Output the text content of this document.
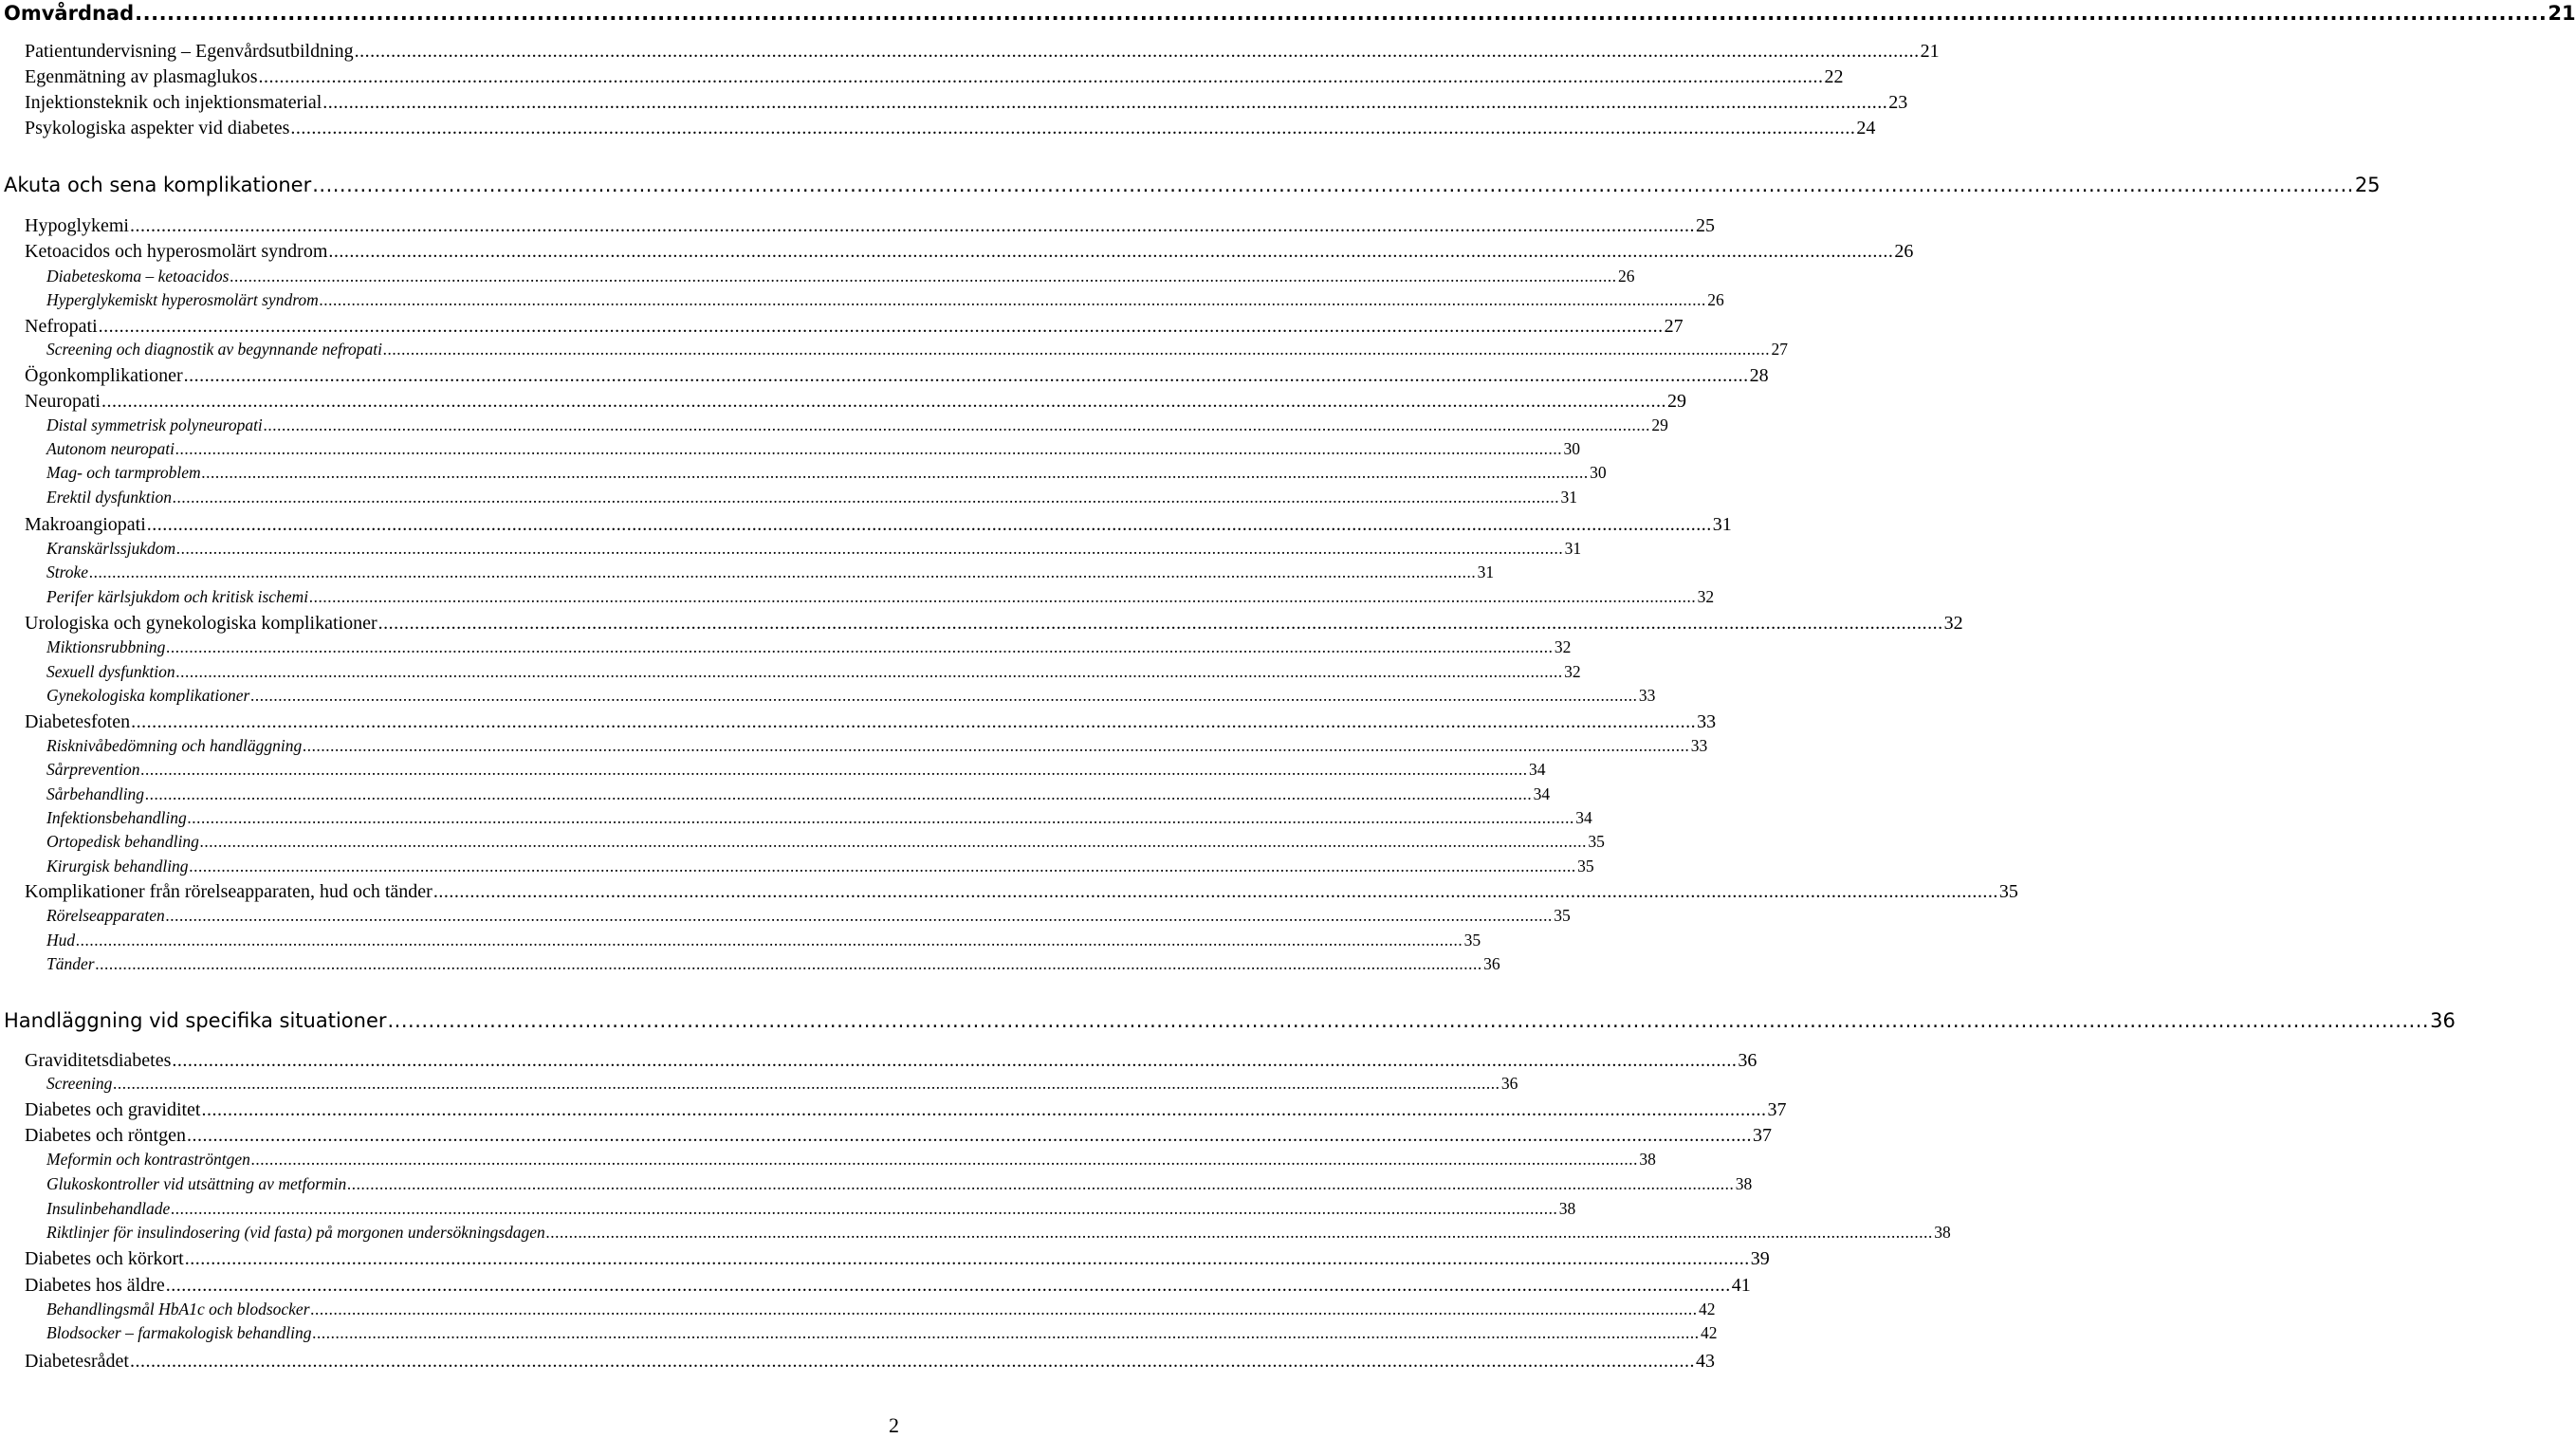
Omvårdnad ............................................................................................................................................................................................................................................................................................................ 21
Patientundervisning – Egenvårdsutbildning ............................................................................................................................................................................................................................................................................................................ 21
Egenmätning av plasmaglukos ............................................................................................................................................................................................................................................................................................................ 22
Injektionsteknik och injektionsmaterial ............................................................................................................................................................................................................................................................................................................ 23
Psykologiska aspekter vid diabetes ............................................................................................................................................................................................................................................................................................................ 24
Akuta och sena komplikationer ............................................................................................................................................................................................................................................................................................................ 25
Hypoglykemi ............................................................................................................................................................................................................................................................................................................ 25
Ketoacidos och hyperosmolärt syndrom ............................................................................................................................................................................................................................................................................................................ 26
Diabeteskoma – ketoacidos ............................................................................................................................................................................................................................................................................................................ 26
Hyperglykemiskt hyperosmolärt syndrom ............................................................................................................................................................................................................................................................................................................ 26
Nefropati ............................................................................................................................................................................................................................................................................................................ 27
Screening och diagnostik av begynnande nefropati ............................................................................................................................................................................................................................................................................................................ 27
Ögonkomplikationer ............................................................................................................................................................................................................................................................................................................ 28
Neuropati ............................................................................................................................................................................................................................................................................................................ 29
Distal symmetrisk polyneuropati ............................................................................................................................................................................................................................................................................................................ 29
Autonom neuropati ............................................................................................................................................................................................................................................................................................................ 30
Mag- och tarmproblem ............................................................................................................................................................................................................................................................................................................ 30
Erektil dysfunktion ............................................................................................................................................................................................................................................................................................................ 31
Makroangiopati ............................................................................................................................................................................................................................................................................................................ 31
Kranskärlssjukdom ............................................................................................................................................................................................................................................................................................................ 31
Stroke ............................................................................................................................................................................................................................................................................................................ 31
Perifer kärlsjukdom och kritisk ischemi ............................................................................................................................................................................................................................................................................................................ 32
Urologiska och gynekologiska komplikationer ............................................................................................................................................................................................................................................................................................................ 32
Miktionsrubbning ............................................................................................................................................................................................................................................................................................................ 32
Sexuell dysfunktion ............................................................................................................................................................................................................................................................................................................ 32
Gynekologiska komplikationer ............................................................................................................................................................................................................................................................................................................ 33
Diabetesfoten ............................................................................................................................................................................................................................................................................................................ 33
Risknivåbedömning och handläggning ............................................................................................................................................................................................................................................................................................................ 33
Sårprevention ............................................................................................................................................................................................................................................................................................................ 34
Sårbehandling ............................................................................................................................................................................................................................................................................................................ 34
Infektionsbehandling ............................................................................................................................................................................................................................................................................................................ 34
Ortopedisk behandling ............................................................................................................................................................................................................................................................................................................ 35
Kirurgisk behandling ............................................................................................................................................................................................................................................................................................................ 35
Komplikationer från rörelseapparaten, hud och tänder ............................................................................................................................................................................................................................................................................................................ 35
Rörelseapparaten ............................................................................................................................................................................................................................................................................................................ 35
Hud ............................................................................................................................................................................................................................................................................................................ 35
Tänder ............................................................................................................................................................................................................................................................................................................ 36
Handläggning vid specifika situationer ............................................................................................................................................................................................................................................................................................................ 36
Graviditetsdiabetes ............................................................................................................................................................................................................................................................................................................ 36
Screening ............................................................................................................................................................................................................................................................................................................ 36
Diabetes och graviditet ............................................................................................................................................................................................................................................................................................................ 37
Diabetes och röntgen ............................................................................................................................................................................................................................................................................................................ 37
Meformin och kontraströntgen ............................................................................................................................................................................................................................................................................................................ 38
Glukoskontroller vid utsättning av metformin ............................................................................................................................................................................................................................................................................................................ 38
Insulinbehandlade ............................................................................................................................................................................................................................................................................................................ 38
Riktlinjer för insulindosering (vid fasta) på morgonen undersökningsdagen ............................................................................................................................................................................................................................................................................................................ 38
Diabetes och körkort ............................................................................................................................................................................................................................................................................................................ 39
Diabetes hos äldre ............................................................................................................................................................................................................................................................................................................ 41
Behandlingsmål HbA1c och blodsocker ............................................................................................................................................................................................................................................................................................................ 42
Blodsocker – farmakologisk behandling ............................................................................................................................................................................................................................................................................................................ 42
Diabetesrådet ............................................................................................................................................................................................................................................................................................................ 43
2
